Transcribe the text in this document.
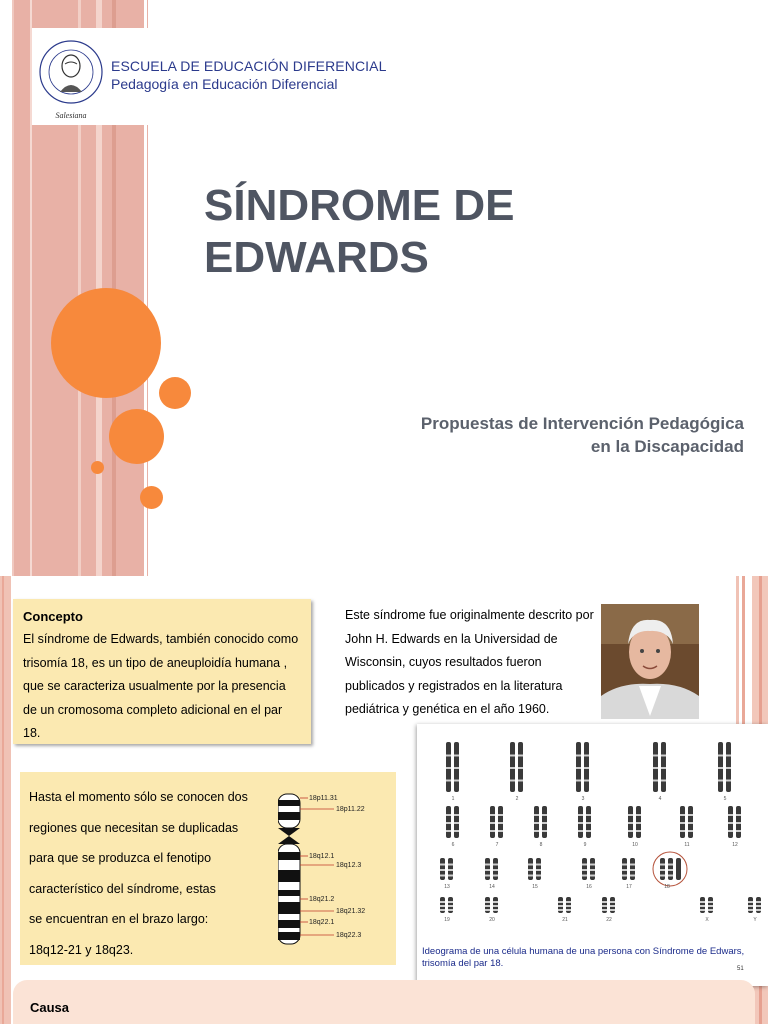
Salesiana
ESCUELA DE EDUCACIÓN DIFERENCIAL
Pedagogía en Educación Diferencial
SÍNDROME DE
EDWARDS
Propuestas de Intervención Pedagógica
en la Discapacidad
Concepto

El síndrome de Edwards, también conocido como trisomía 18, es un tipo de aneuploidía humana , que se caracteriza usualmente por la presencia de un cromosoma completo adicional en el par 18.

Este síndrome fue originalmente descrito por John H. Edwards en la Universidad de Wisconsin, cuyos resultados fueron publicados y registrados en la literatura pediátrica y genética en el año 1960.
Hasta el momento sólo se conocen dos
regiones que necesitan se duplicadas
para que se produzca el fenotipo
característico del síndrome, estas
se encuentran en el brazo largo:
18q12-21 y 18q23.
18p11.31
18p11.22
18q12.1
18q12.3
18q21.2
18q21.32
18q22.1
18q22.3
1	2	3	4	5
6	7	8	9	10	11	12
13	14	15	16	17	18
19	20	21	22	X	Y
Ideograma de una célula humana de una persona con Síndrome de Edwars, trisomía del par 18.	51
Causa
